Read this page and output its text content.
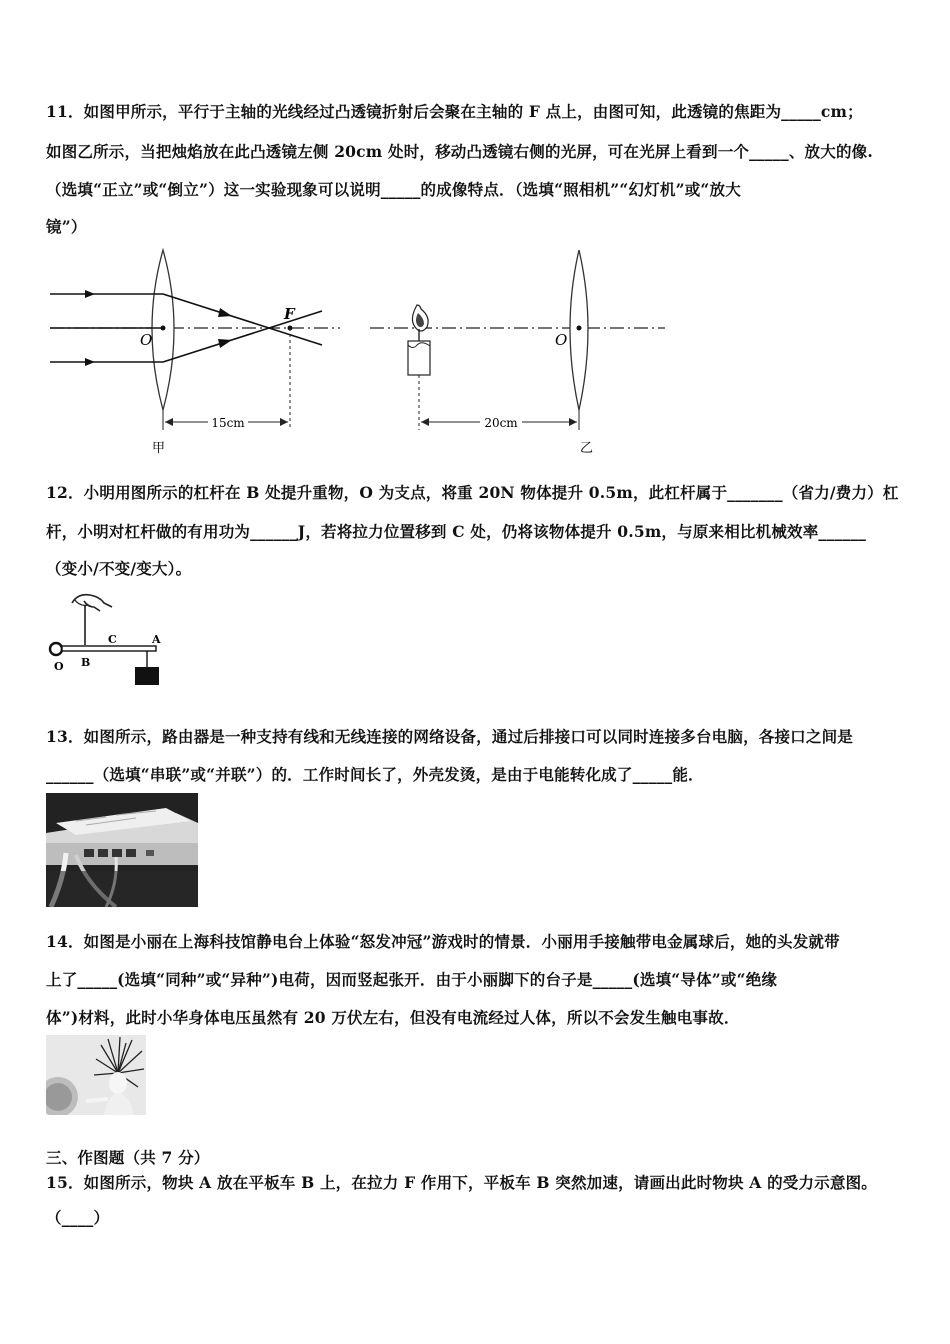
11．如图甲所示，平行于主轴的光线经过凸透镜折射后会聚在主轴的 F 点上，由图可知，此透镜的焦距为_____cm；
如图乙所示，当把烛焰放在此凸透镜左侧 20cm 处时，移动凸透镜右侧的光屏，可在光屏上看到一个_____、放大的像.
（选填“正立”或“倒立”）这一实验现象可以说明_____的成像特点．（选填“照相机”“幻灯机”或“放大
镜”）
15cm
O
F
甲
20cm
O
乙
12．小明用图所示的杠杆在 B 处提升重物，O 为支点，将重 20N 物体提升 0.5m，此杠杆属于_______（省力/费力）杠
杆，小明对杠杆做的有用功为______J，若将拉力位置移到 C 处，仍将该物体提升 0.5m，与原来相比机械效率______
（变小/不变/变大）。
O B
C	A
13．如图所示，路由器是一种支持有线和无线连接的网络设备，通过后排接口可以同时连接多台电脑，各接口之间是
______（选填“串联”或“并联”）的．工作时间长了，外壳发烫，是由于电能转化成了_____能．
14．如图是小丽在上海科技馆静电台上体验“怒发冲冠”游戏时的情景．小丽用手接触带电金属球后，她的头发就带
上了_____(选填“同种”或“异种”)电荷，因而竖起张开．由于小丽脚下的台子是_____(选填“导体”或“绝缘
体”)材料，此时小华身体电压虽然有 20 万伏左右，但没有电流经过人体，所以不会发生触电事故．
三、作图题（共 7 分）
15．如图所示，物块 A 放在平板车 B 上，在拉力 F 作用下，平板车 B 突然加速，请画出此时物块 A 的受力示意图。
（____）
